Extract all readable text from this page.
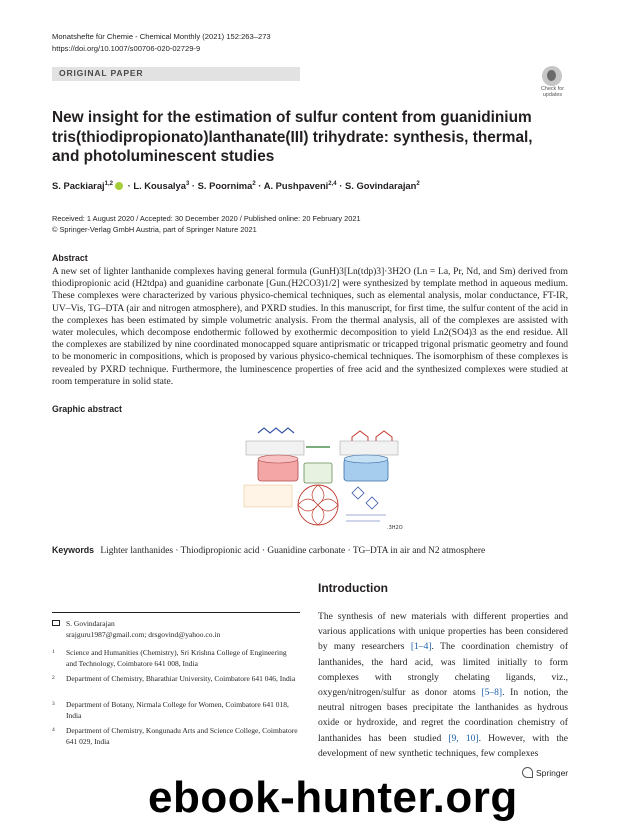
Monatshefte für Chemie - Chemical Monthly (2021) 152:263–273
https://doi.org/10.1007/s00706-020-02729-9
ORIGINAL PAPER
Check for updates
New insight for the estimation of sulfur content from guanidinium tris(thiodipropionato)lanthanate(III) trihydrate: synthesis, thermal, and photoluminescent studies
S. Packiaraj$^{1,2}$ · L. Kousalya$^3$ · S. Poornima$^2$ · A. Pushpaveni$^{2,4}$ · S. Govindarajan$^2$
Received: 1 August 2020 / Accepted: 30 December 2020 / Published online: 20 February 2021
© Springer-Verlag GmbH Austria, part of Springer Nature 2021
Abstract
A new set of lighter lanthanide complexes having general formula (GunH)3[Ln(tdp)3]·3H2O (Ln = La, Pr, Nd, and Sm) derived from thiodipropionic acid (H2tdpa) and guanidine carbonate [Gun.(H2CO3)1/2] were synthesized by template method in aqueous medium. These complexes were characterized by various physico-chemical techniques, such as elemental analysis, molar conductance, FT-IR, UV–Vis, TG–DTA (air and nitrogen atmosphere), and PXRD studies. In this manuscript, for first time, the sulfur content of the acid in the complexes has been estimated by simple volumetric analysis. From the thermal analysis, all of the complexes are assisted with water molecules, which decompose endothermic followed by exothermic decomposition to yield Ln2(SO4)3 as the end residue. All the complexes are stabilized by nine coordinated monocapped square antiprismatic or tricapped trigonal prismatic geometry and found to be monomeric in compositions, which is proposed by various physico-chemical techniques. The isomorphism of these complexes is revealed by PXRD technique. Furthermore, the luminescence properties of free acid and the synthesized complexes were studied at room temperature in solid state.
Graphic abstract
.3H2O
Keywords Lighter lanthanides · Thiodipropionic acid · Guanidine carbonate · TG–DTA in air and N2 atmosphere
S. Govindarajan
srajguru1987@gmail.com; drsgovind@yahoo.co.in
1 Science and Humanities (Chemistry), Sri Krishna College of Engineering and Technology, Coimbatore 641 008, India
2 Department of Chemistry, Bharathiar University, Coimbatore 641 046, India
3 Department of Botany, Nirmala College for Women, Coimbatore 641 018, India
4 Department of Chemistry, Kongunadu Arts and Science College, Coimbatore 641 029, India
Introduction
The synthesis of new materials with different properties and various applications with unique properties has been considered by many researchers [1–4]. The coordination chemistry of lanthanides, the hard acid, was limited initially to form complexes with strongly chelating ligands, viz., oxygen/nitrogen/sulfur as donor atoms [5–8]. In notion, the neutral nitrogen bases precipitate the lanthanides as hydrous oxide or hydroxide, and regret the coordination chemistry of lanthanides has been studied [9, 10]. However, with the development of new synthetic techniques, few complexes
Springer
ebook-hunter.org
